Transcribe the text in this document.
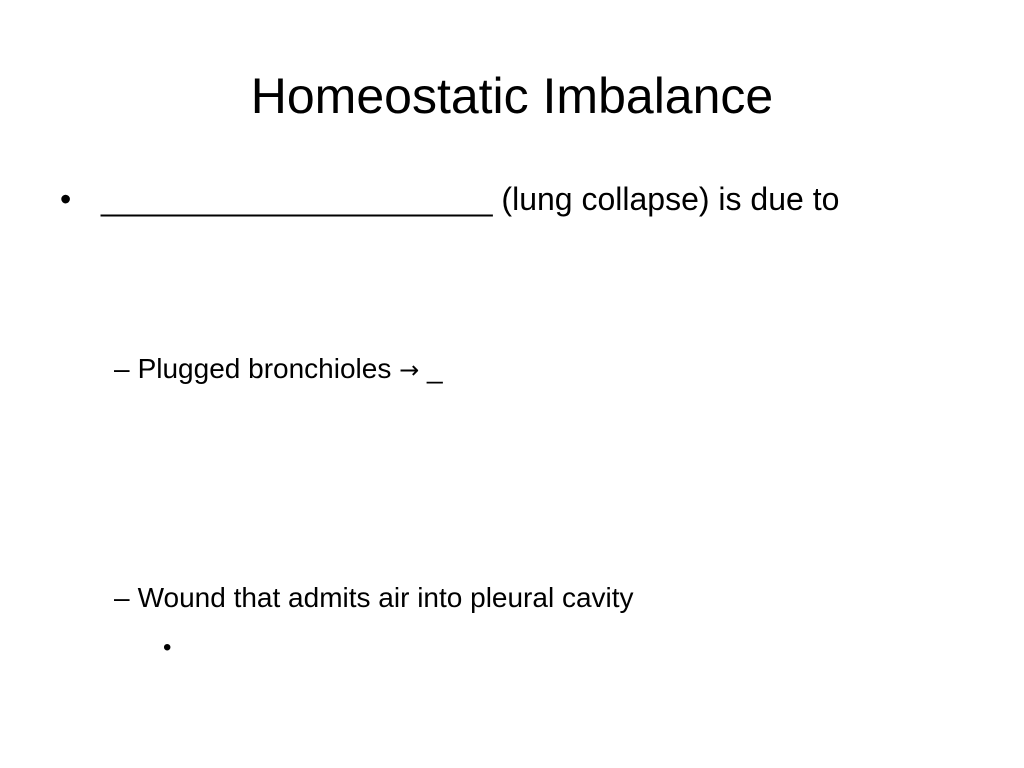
Homeostatic Imbalance
• ______________________ (lung collapse) is due to
– Plugged bronchioles → _
– Wound that admits air into pleural cavity
•
